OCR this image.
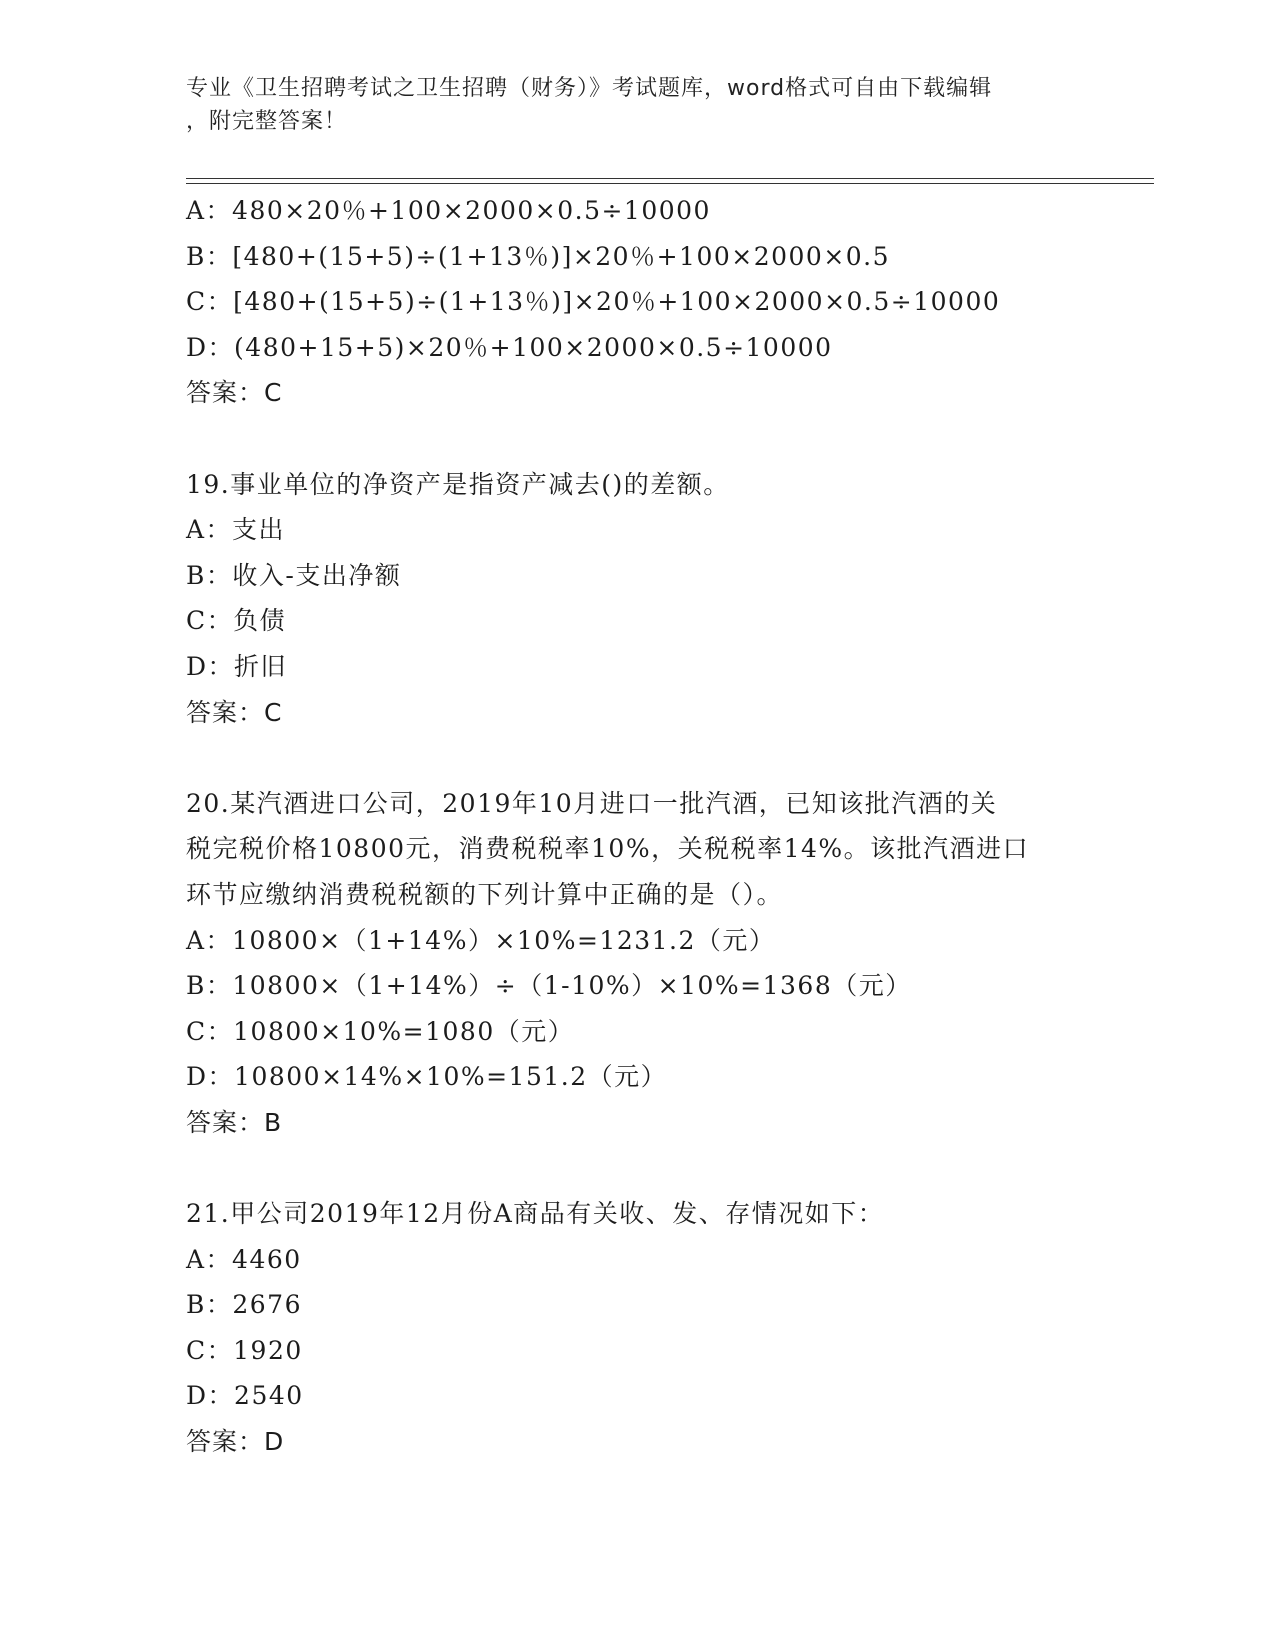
专业《卫生招聘考试之卫生招聘（财务）》考试题库，word格式可自由下载编辑
，附完整答案！
A：480×20％+100×2000×0.5÷10000
B：[480+(15+5)÷(1+13％)]×20％+100×2000×0.5
C：[480+(15+5)÷(1+13％)]×20％+100×2000×0.5÷10000
D：(480+15+5)×20％+100×2000×0.5÷10000
答案：C
19.事业单位的净资产是指资产减去()的差额。
A：支出
B：收入-支出净额
C：负债
D：折旧
答案：C
20.某汽酒进口公司，2019年10月进口一批汽酒，已知该批汽酒的关
税完税价格10800元，消费税税率10%，关税税率14%。该批汽酒进口
环节应缴纳消费税税额的下列计算中正确的是（）。
A：10800×（1+14%）×10%=1231.2（元）
B：10800×（1+14%）÷（1-10%）×10%=1368（元）
C：10800×10%=1080（元）
D：10800×14%×10%=151.2（元）
答案：B
21.甲公司2019年12月份A商品有关收、发、存情况如下：
A：4460
B：2676
C：1920
D：2540
答案：D
